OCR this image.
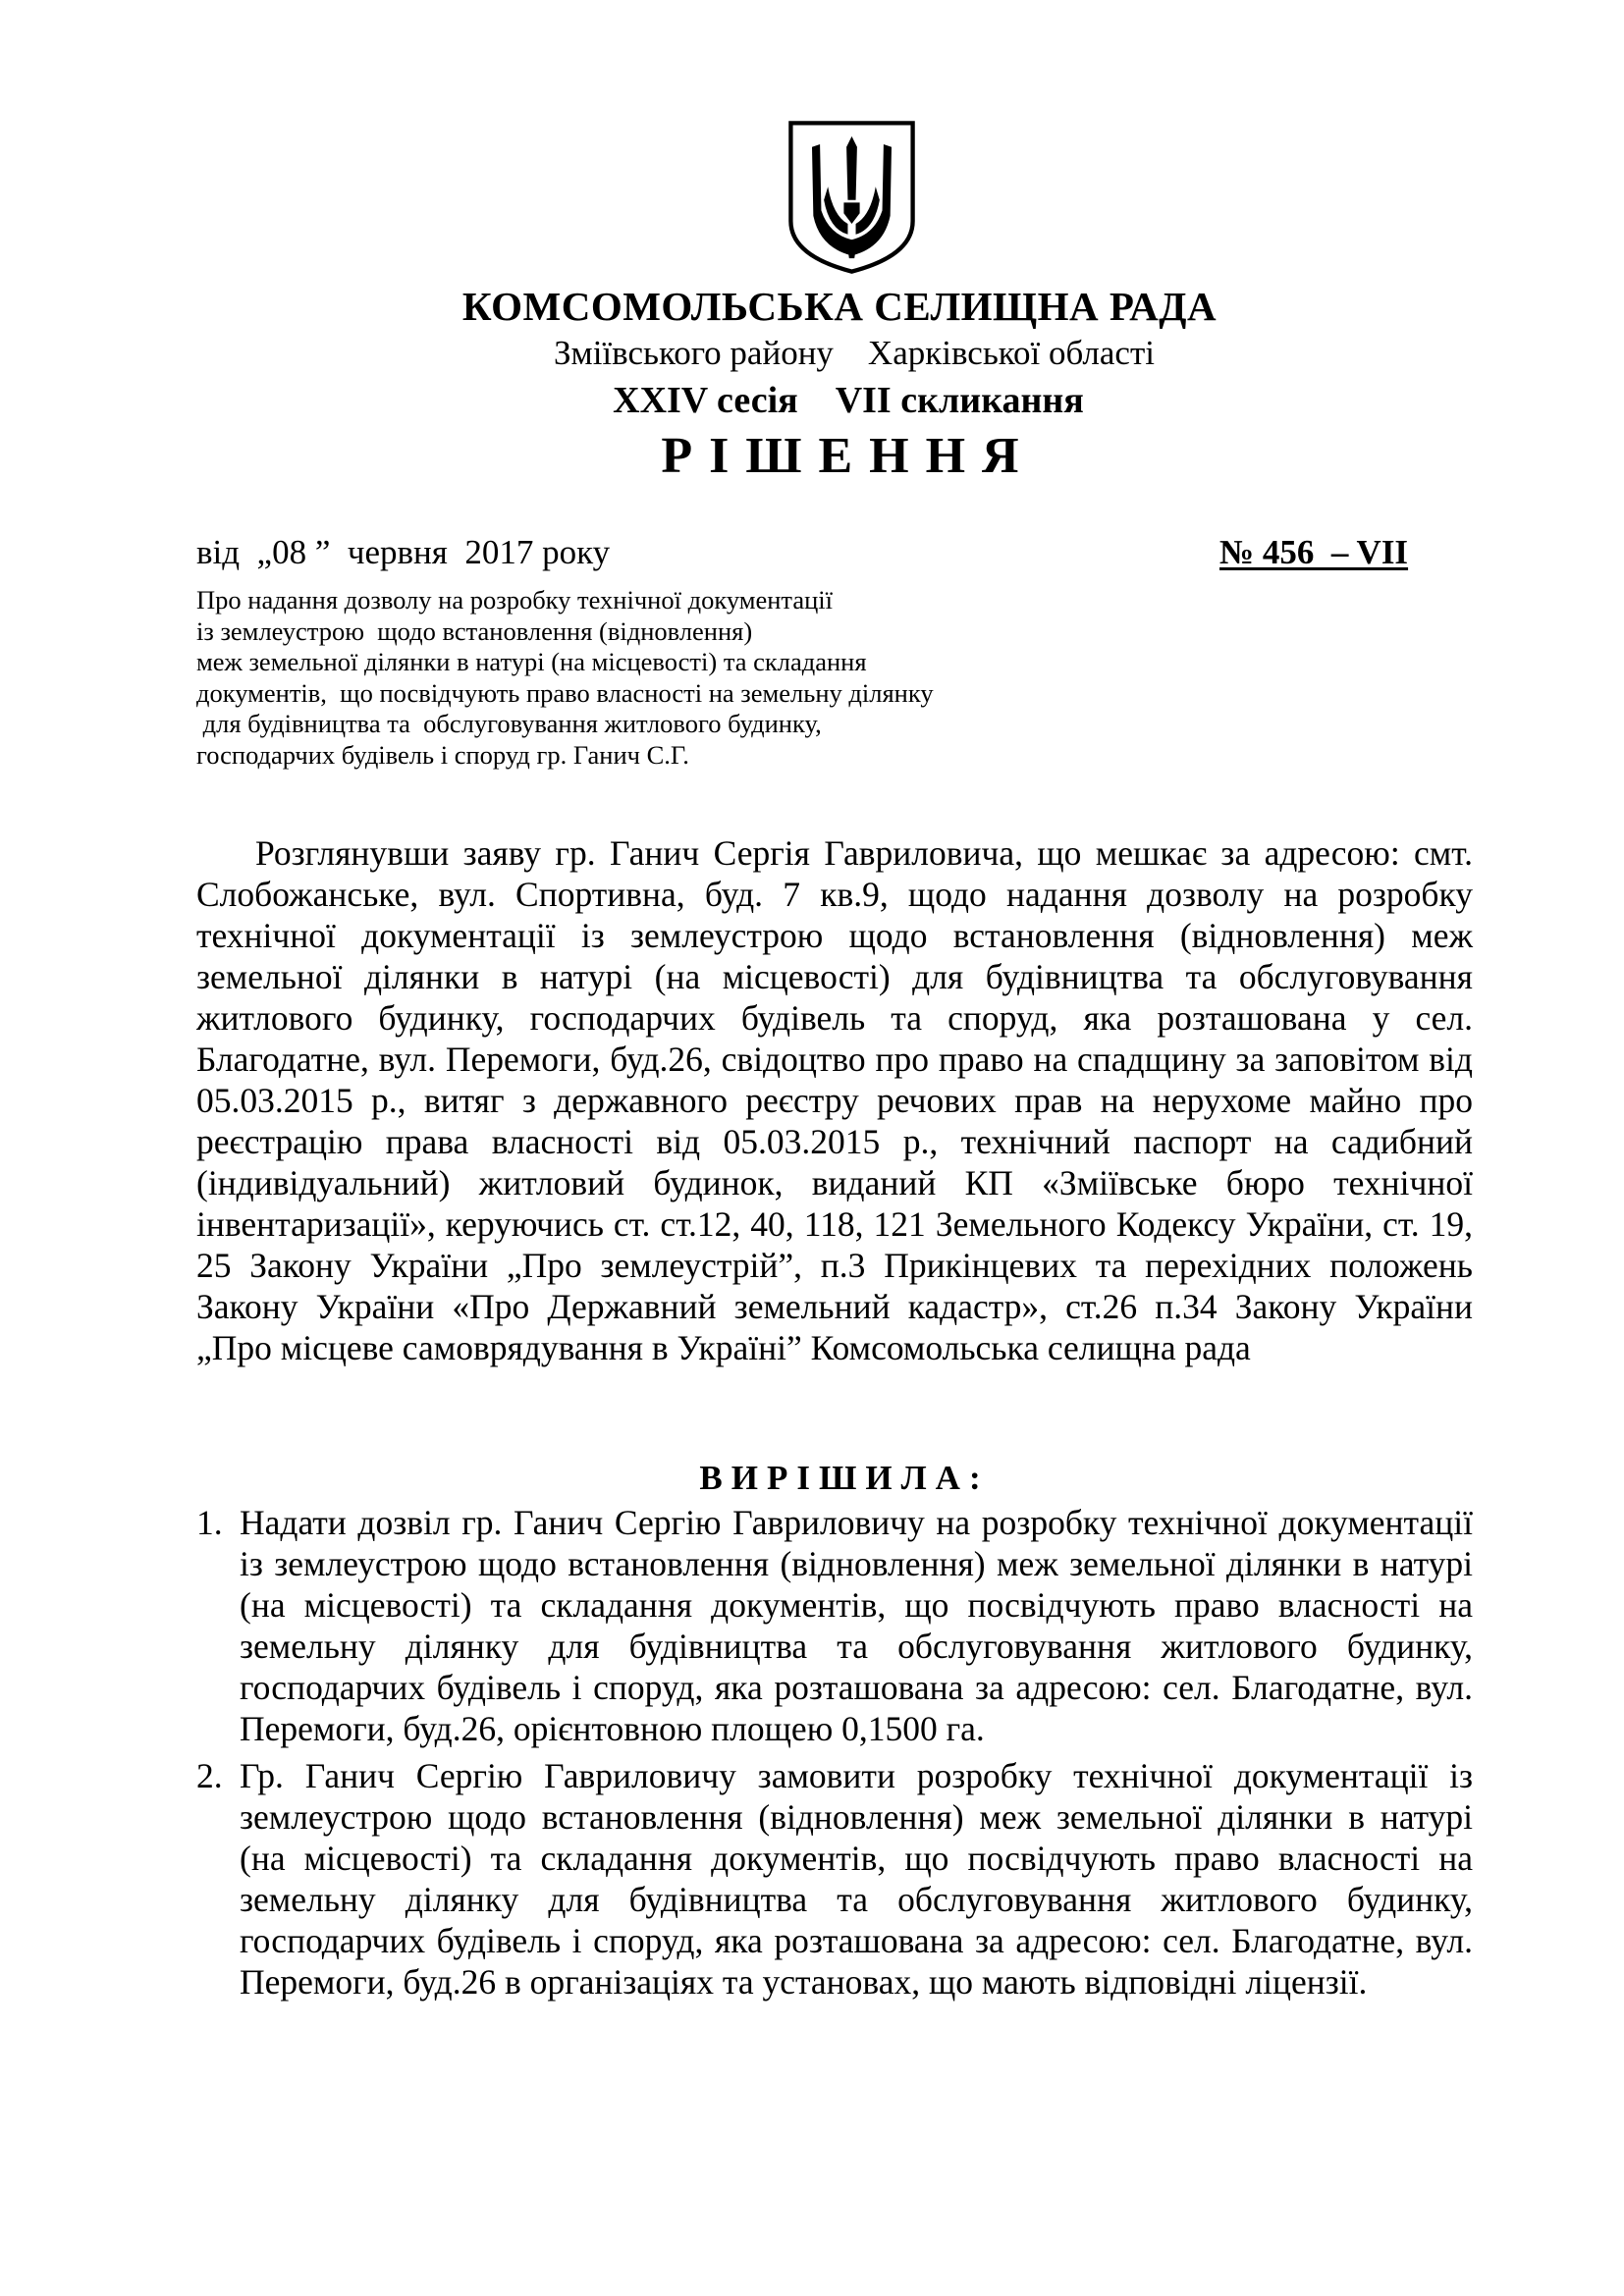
КОМСОМОЛЬСЬКА СЕЛИЩНА РАДА
Зміївського району    Харківської області
XXIV сесія    VII скликання
РІШЕННЯ
від  „08 ”  червня  2017 року	№ 456  – VII
Про надання дозволу на розробку технічної документації
із землеустрою  щодо встановлення (відновлення)
меж земельної ділянки в натурі (на місцевості) та складання
документів,  що посвідчують право власності на земельну ділянку
для будівництва та  обслуговування житлового будинку,
господарчих будівель і споруд гр. Ганич С.Г.

Розглянувши заяву гр. Ганич Сергія Гавриловича, що мешкає за адресою: смт. Слобожанське, вул. Спортивна, буд. 7 кв.9, щодо надання дозволу на розробку технічної документації із землеустрою щодо встановлення (відновлення) меж земельної ділянки в натурі (на місцевості) для будівництва та обслуговування житлового будинку, господарчих будівель та споруд, яка розташована у сел. Благодатне, вул. Перемоги, буд.26, свідоцтво про право на спадщину за заповітом від 05.03.2015 р., витяг з державного реєстру речових прав на нерухоме майно про реєстрацію права власності від 05.03.2015 р., технічний паспорт на садибний (індивідуальний) житловий будинок, виданий КП «Зміївське бюро технічної інвентаризації», керуючись ст. ст.12, 40, 118, 121 Земельного Кодексу України, ст. 19, 25 Закону України „Про землеустрій”, п.3 Прикінцевих та перехідних положень Закону України «Про Державний земельний кадастр», ст.26 п.34 Закону України „Про місцеве самоврядування в Україні” Комсомольська селищна рада

ВИРІШИЛА:
1. Надати дозвіл гр. Ганич Сергію Гавриловичу на розробку технічної документації із землеустрою щодо встановлення (відновлення) меж земельної ділянки в натурі (на місцевості) та складання документів, що посвідчують право власності на земельну ділянку для будівництва та обслуговування житлового будинку, господарчих будівель і споруд, яка розташована за адресою: сел. Благодатне, вул. Перемоги, буд.26, орієнтовною площею 0,1500 га.
2. Гр. Ганич Сергію Гавриловичу замовити розробку технічної документації із землеустрою щодо встановлення (відновлення) меж земельної ділянки в натурі (на місцевості) та складання документів, що посвідчують право власності на земельну ділянку для будівництва та обслуговування житлового будинку, господарчих будівель і споруд, яка розташована за адресою: сел. Благодатне, вул. Перемоги, буд.26 в організаціях та установах, що мають відповідні ліцензії.
